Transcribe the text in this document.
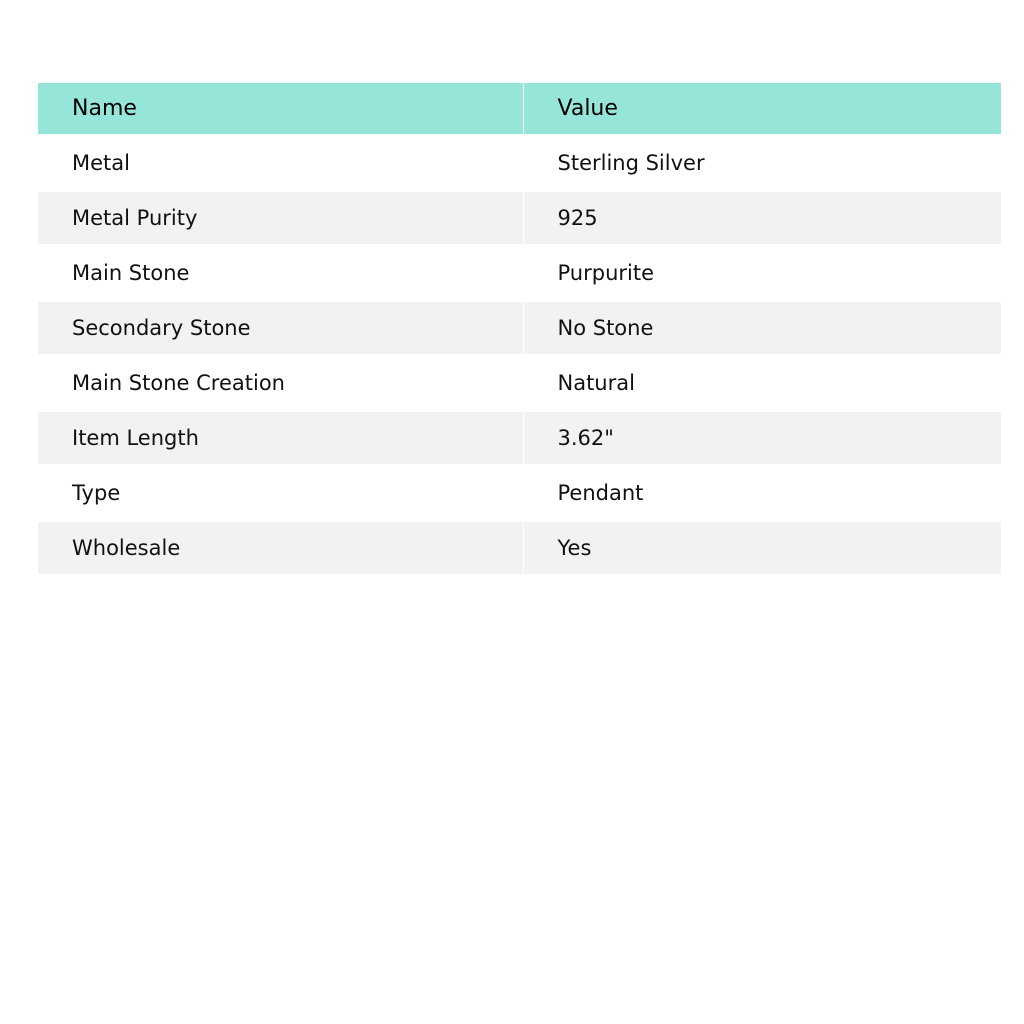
Name	Value
Metal	Sterling Silver
Metal Purity	925
Main Stone	Purpurite
Secondary Stone	No Stone
Main Stone Creation	Natural
Item Length	3.62"
Type	Pendant
Wholesale	Yes
